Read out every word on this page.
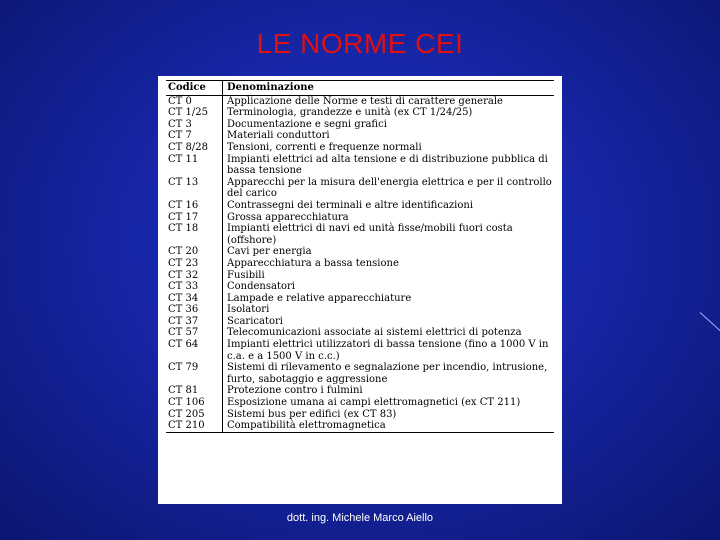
LE NORME CEI
Codice	Denominazione
CT 0	Applicazione delle Norme e testi di carattere generale
CT 1/25	Terminologia, grandezze e unità (ex CT 1/24/25)
CT 3	Documentazione e segni grafici
CT 7	Materiali conduttori
CT 8/28	Tensioni, correnti e frequenze normali
CT 11	Impianti elettrici ad alta tensione e di distribuzione pubblica di bassa tensione
CT 13	Apparecchi per la misura dell'energia elettrica e per il controllo del carico
CT 16	Contrassegni dei terminali e altre identificazioni
CT 17	Grossa apparecchiatura
CT 18	Impianti elettrici di navi ed unità fisse/mobili fuori costa (offshore)
CT 20	Cavi per energia
CT 23	Apparecchiatura a bassa tensione
CT 32	Fusibili
CT 33	Condensatori
CT 34	Lampade e relative apparecchiature
CT 36	Isolatori
CT 37	Scaricatori
CT 57	Telecomunicazioni associate ai sistemi elettrici di potenza
CT 64	Impianti elettrici utilizzatori di bassa tensione (fino a 1000 V in c.a. e a 1500 V in c.c.)
CT 79	Sistemi di rilevamento e segnalazione per incendio, intrusione, furto, sabotaggio e aggressione
CT 81	Protezione contro i fulmini
CT 106	Esposizione umana ai campi elettromagnetici (ex CT 211)
CT 205	Sistemi bus per edifici (ex CT 83)
CT 210	Compatibilità elettromagnetica
dott. ing. Michele Marco Aiello
